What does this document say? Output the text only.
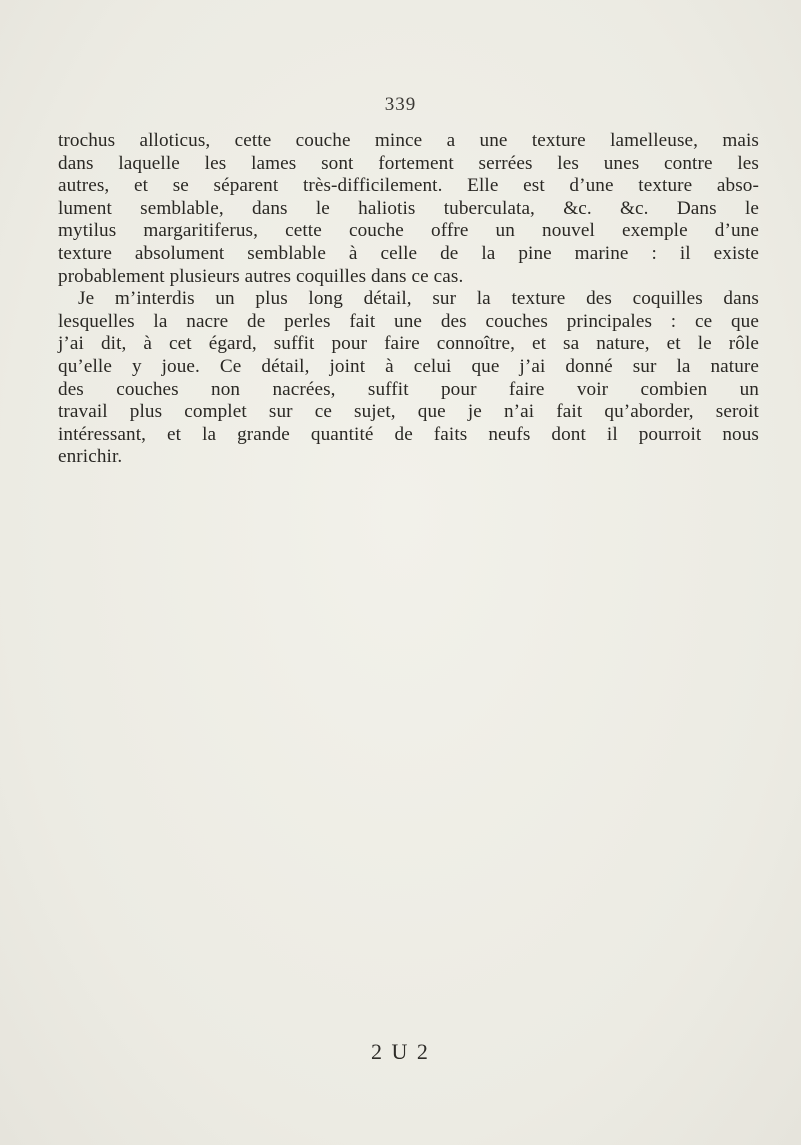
339
trochus alloticus, cette couche mince a une texture lamelleuse, mais
dans laquelle les lames sont fortement serrées les unes contre les
autres, et se séparent très-difficilement. Elle est d’une texture abso-
lument semblable, dans le haliotis tuberculata, &c. &c. Dans le
mytilus margaritiferus, cette couche offre un nouvel exemple d’une
texture absolument semblable à celle de la pine marine : il existe
probablement plusieurs autres coquilles dans ce cas.
Je m’interdis un plus long détail, sur la texture des coquilles dans
lesquelles la nacre de perles fait une des couches principales : ce que
j’ai dit, à cet égard, suffit pour faire connoître, et sa nature, et le rôle
qu’elle y joue. Ce détail, joint à celui que j’ai donné sur la nature
des couches non nacrées, suffit pour faire voir combien un
travail plus complet sur ce sujet, que je n’ai fait qu’aborder, seroit
intéressant, et la grande quantité de faits neufs dont il pourroit nous
enrichir.
2 U 2
